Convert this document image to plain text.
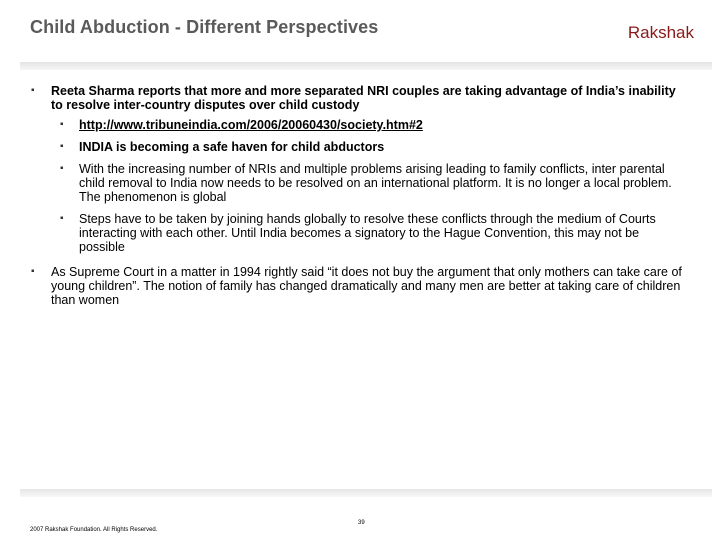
Child Abduction - Different Perspectives	Rakshak
▪ Reeta Sharma reports that more and more separated NRI couples are taking advantage of India’s inability to resolve inter-country disputes over child custody
▪ http://www.tribuneindia.com/2006/20060430/society.htm#2
▪ INDIA is becoming a safe haven for child abductors
▪ With the increasing number of NRIs and multiple problems arising leading to family conflicts, inter parental child removal to India now needs to be resolved on an international platform. It is no longer a local problem. The phenomenon is global
▪ Steps have to be taken by joining hands globally to resolve these conflicts through the medium of Courts interacting with each other. Until India becomes a signatory to the Hague Convention, this may not be possible
▪ As Supreme Court in a matter in 1994 rightly said “it does not buy the argument that only mothers can take care of young children”. The notion of family has changed dramatically and many men are better at taking care of children than women
2007 Rakshak Foundation. All Rights Reserved.
39
